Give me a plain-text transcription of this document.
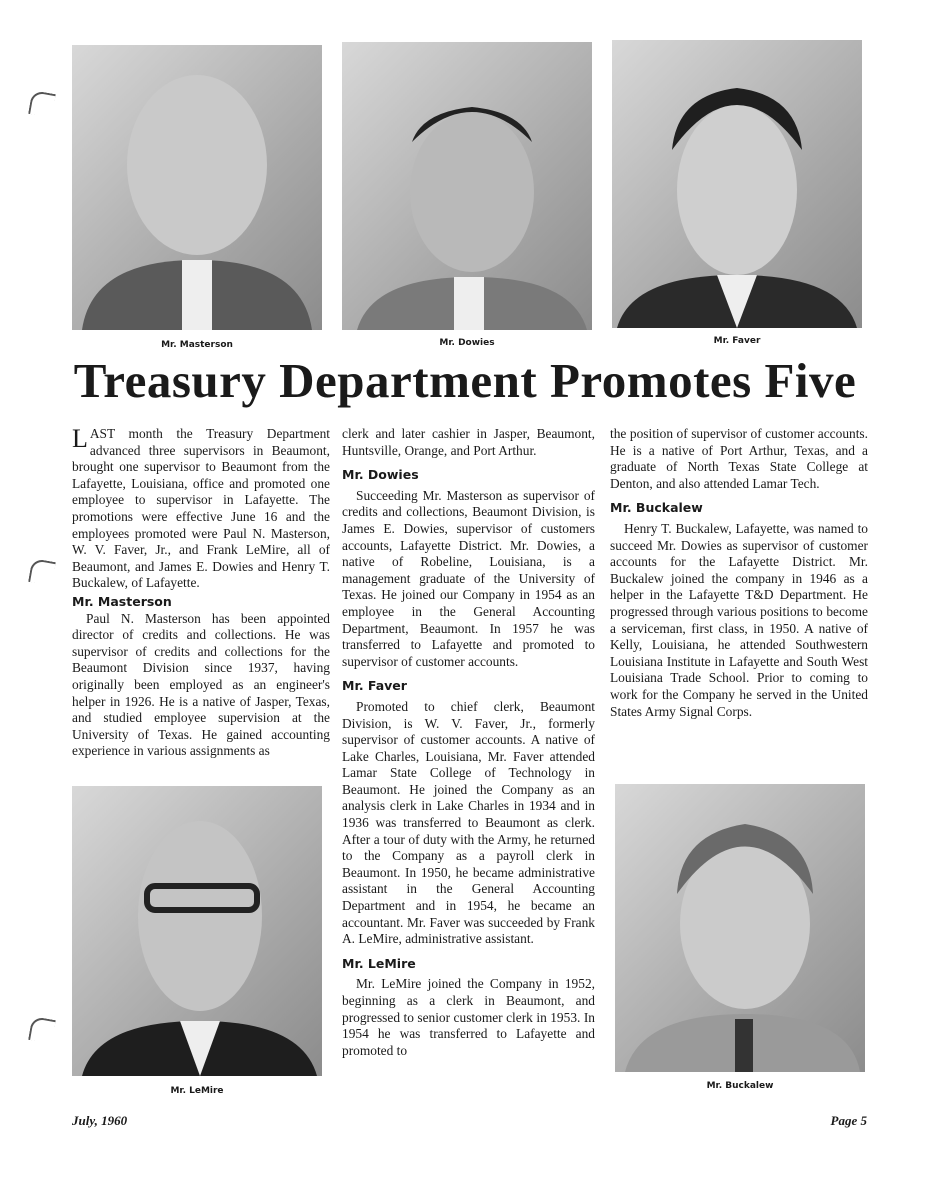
Mr. Masterson	Mr. Dowies	Mr. Faver
Treasury Department Promotes Five

LAST month the Treasury Department advanced three supervisors in Beaumont, brought one supervisor to Beaumont from the Lafayette, Louisiana, office and promoted one employee to supervisor in Lafayette. The promotions were effective June 16 and the employees promoted were Paul N. Masterson, W. V. Faver, Jr., and Frank LeMire, all of Beaumont, and James E. Dowies and Henry T. Buckalew, of Lafayette.

Mr. Masterson

Paul N. Masterson has been appointed director of credits and collections. He was supervisor of credits and collections for the Beaumont Division since 1937, having originally been employed as an engineer's helper in 1926. He is a native of Jasper, Texas, and studied employee supervision at the University of Texas. He gained accounting experience in various assignments as

Mr. LeMire

clerk and later cashier in Jasper, Beaumont, Huntsville, Orange, and Port Arthur.

Mr. Dowies

Succeeding Mr. Masterson as supervisor of credits and collections, Beaumont Division, is James E. Dowies, supervisor of customers accounts, Lafayette District. Mr. Dowies, a native of Robeline, Louisiana, is a management graduate of the University of Texas. He joined our Company in 1954 as an employee in the General Accounting Department, Beaumont. In 1957 he was transferred to Lafayette and promoted to supervisor of customer accounts.

Mr. Faver

Promoted to chief clerk, Beaumont Division, is W. V. Faver, Jr., formerly supervisor of customer accounts. A native of Lake Charles, Louisiana, Mr. Faver attended Lamar State College of Technology in Beaumont. He joined the Company as an analysis clerk in Lake Charles in 1934 and in 1936 was transferred to Beaumont as clerk. After a tour of duty with the Army, he returned to the Company as a payroll clerk in Beaumont. In 1950, he became administrative assistant in the General Accounting Department and in 1954, he became an accountant. Mr. Faver was succeeded by Frank A. LeMire, administrative assistant.

Mr. LeMire

Mr. LeMire joined the Company in 1952, beginning as a clerk in Beaumont, and progressed to senior customer clerk in 1953. In 1954 he was transferred to Lafayette and promoted to

the position of supervisor of customer accounts. He is a native of Port Arthur, Texas, and a graduate of North Texas State College at Denton, and also attended Lamar Tech.

Mr. Buckalew

Henry T. Buckalew, Lafayette, was named to succeed Mr. Dowies as supervisor of customer accounts for the Lafayette District. Mr. Buckalew joined the company in 1946 as a helper in the Lafayette T&D Department. He progressed through various positions to become a serviceman, first class, in 1950. A native of Kelly, Louisiana, he attended Southwestern Louisiana Institute in Lafayette and South West Louisiana Trade School. Prior to coming to work for the Company he served in the United States Army Signal Corps.

Mr. Buckalew
July, 1960	Page 5
